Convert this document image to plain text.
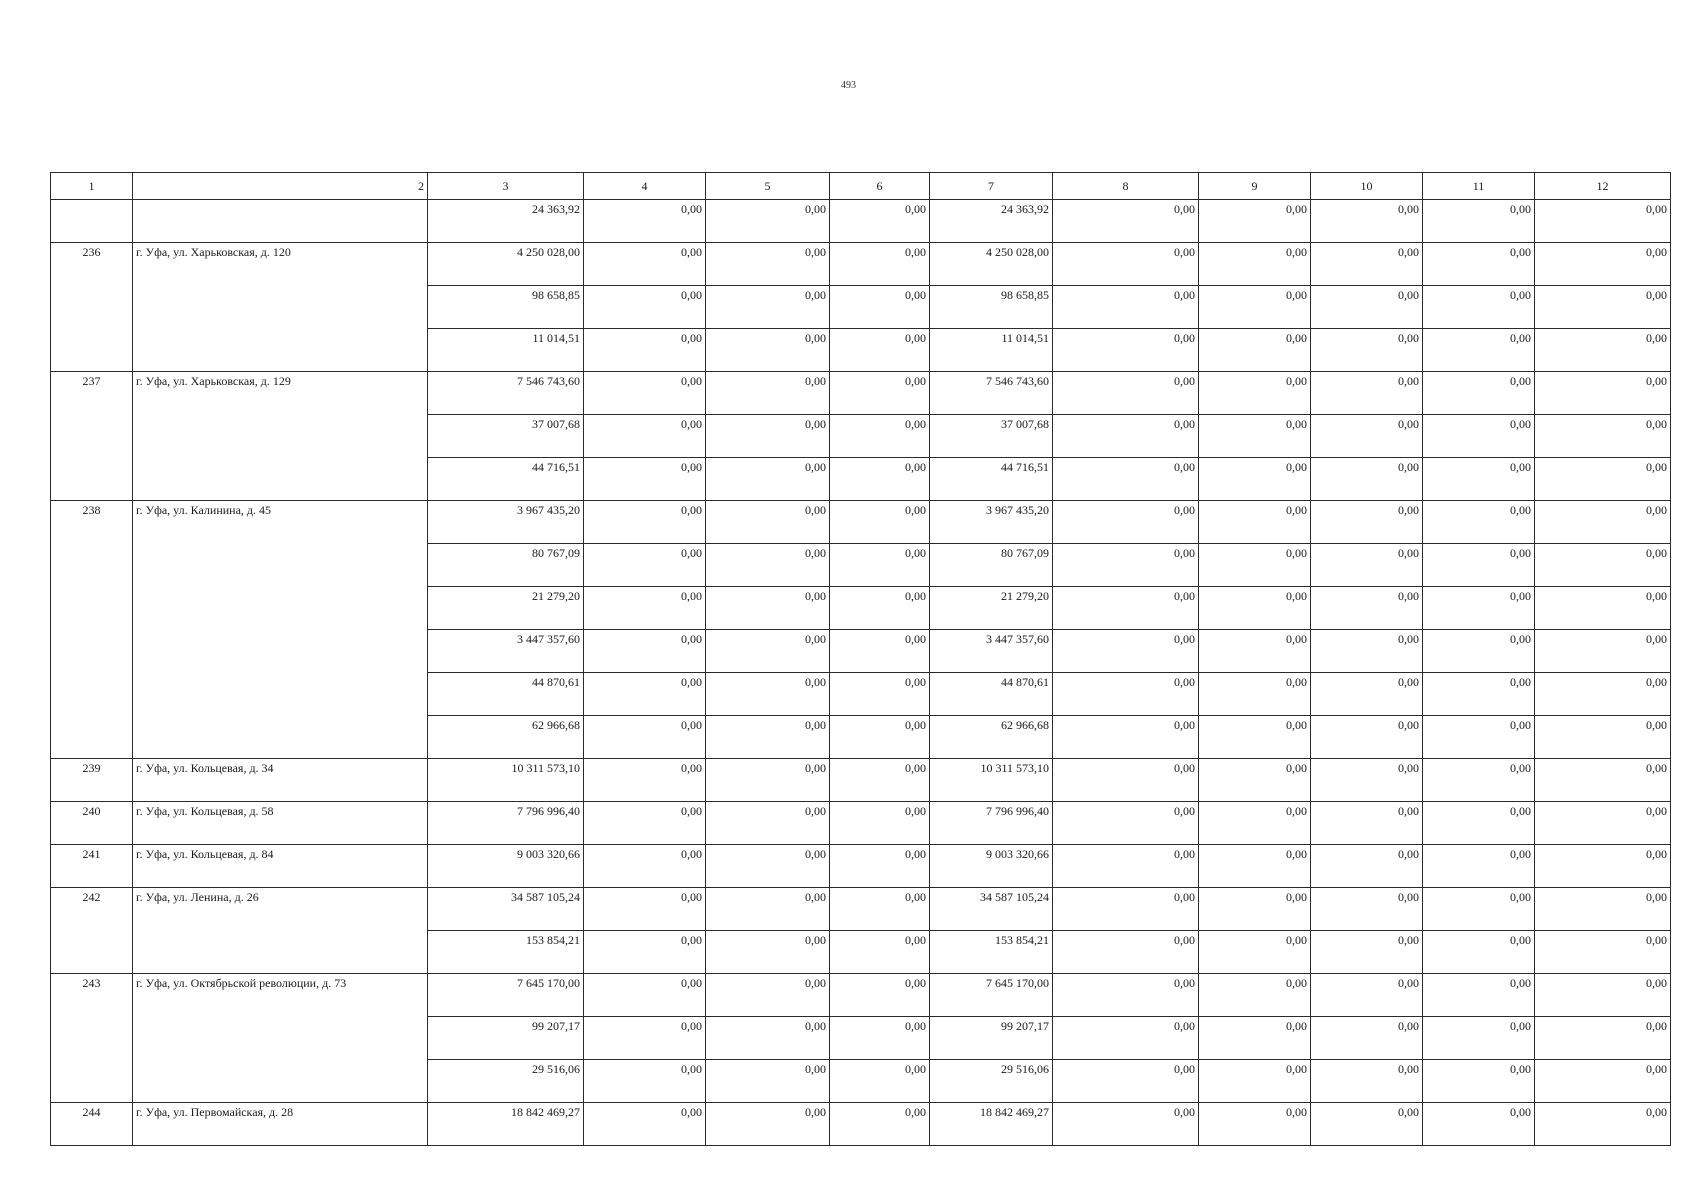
493
1	2	3	4	5	6	7	8	9	10	11	12
		24 363,92	0,00	0,00	0,00	24 363,92	0,00	0,00	0,00	0,00	0,00
236	г. Уфа, ул. Харьковская, д. 120	4 250 028,00	0,00	0,00	0,00	4 250 028,00	0,00	0,00	0,00	0,00	0,00
		98 658,85	0,00	0,00	0,00	98 658,85	0,00	0,00	0,00	0,00	0,00
		11 014,51	0,00	0,00	0,00	11 014,51	0,00	0,00	0,00	0,00	0,00
237	г. Уфа, ул. Харьковская, д. 129	7 546 743,60	0,00	0,00	0,00	7 546 743,60	0,00	0,00	0,00	0,00	0,00
		37 007,68	0,00	0,00	0,00	37 007,68	0,00	0,00	0,00	0,00	0,00
		44 716,51	0,00	0,00	0,00	44 716,51	0,00	0,00	0,00	0,00	0,00
238	г. Уфа, ул. Калинина, д. 45	3 967 435,20	0,00	0,00	0,00	3 967 435,20	0,00	0,00	0,00	0,00	0,00
		80 767,09	0,00	0,00	0,00	80 767,09	0,00	0,00	0,00	0,00	0,00
		21 279,20	0,00	0,00	0,00	21 279,20	0,00	0,00	0,00	0,00	0,00
		3 447 357,60	0,00	0,00	0,00	3 447 357,60	0,00	0,00	0,00	0,00	0,00
		44 870,61	0,00	0,00	0,00	44 870,61	0,00	0,00	0,00	0,00	0,00
		62 966,68	0,00	0,00	0,00	62 966,68	0,00	0,00	0,00	0,00	0,00
239	г. Уфа, ул. Кольцевая, д. 34	10 311 573,10	0,00	0,00	0,00	10 311 573,10	0,00	0,00	0,00	0,00	0,00
240	г. Уфа, ул. Кольцевая, д. 58	7 796 996,40	0,00	0,00	0,00	7 796 996,40	0,00	0,00	0,00	0,00	0,00
241	г. Уфа, ул. Кольцевая, д. 84	9 003 320,66	0,00	0,00	0,00	9 003 320,66	0,00	0,00	0,00	0,00	0,00
242	г. Уфа, ул. Ленина, д. 26	34 587 105,24	0,00	0,00	0,00	34 587 105,24	0,00	0,00	0,00	0,00	0,00
		153 854,21	0,00	0,00	0,00	153 854,21	0,00	0,00	0,00	0,00	0,00
243	г. Уфа, ул. Октябрьской революции, д. 73	7 645 170,00	0,00	0,00	0,00	7 645 170,00	0,00	0,00	0,00	0,00	0,00
		99 207,17	0,00	0,00	0,00	99 207,17	0,00	0,00	0,00	0,00	0,00
		29 516,06	0,00	0,00	0,00	29 516,06	0,00	0,00	0,00	0,00	0,00
244	г. Уфа, ул. Первомайская, д. 28	18 842 469,27	0,00	0,00	0,00	18 842 469,27	0,00	0,00	0,00	0,00	0,00
